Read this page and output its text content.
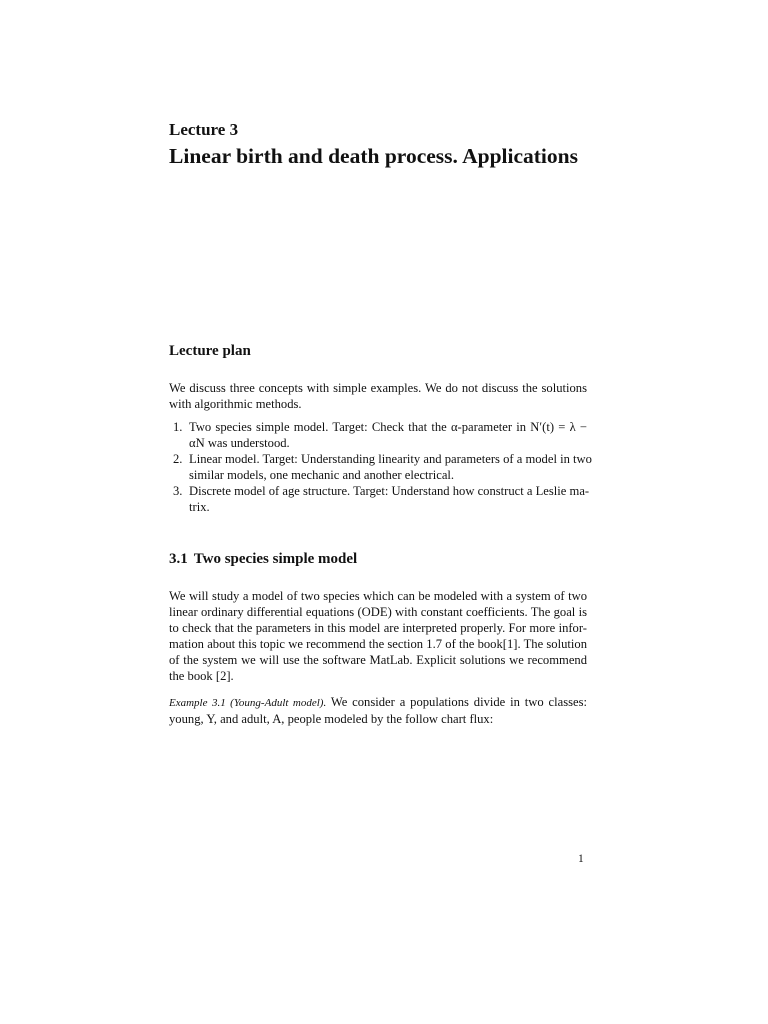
Lecture 3
Linear birth and death process. Applications
Lecture plan
We discuss three concepts with simple examples. We do not discuss the solutions
with algorithmic methods.
1. Two species simple model. Target: Check that the α-parameter in N′(t) = λ −
αN was understood.
2. Linear model. Target: Understanding linearity and parameters of a model in two
similar models, one mechanic and another electrical.
3. Discrete model of age structure. Target: Understand how construct a Leslie ma-
trix.
3.1 Two species simple model
We will study a model of two species which can be modeled with a system of two
linear ordinary differential equations (ODE) with constant coefficients. The goal is
to check that the parameters in this model are interpreted properly. For more infor-
mation about this topic we recommend the section 1.7 of the book[1]. The solution
of the system we will use the software MatLab. Explicit solutions we recommend
the book [2].
Example 3.1 (Young-Adult model). We consider a populations divide in two classes:
young, Y, and adult, A, people modeled by the follow chart flux:
1
